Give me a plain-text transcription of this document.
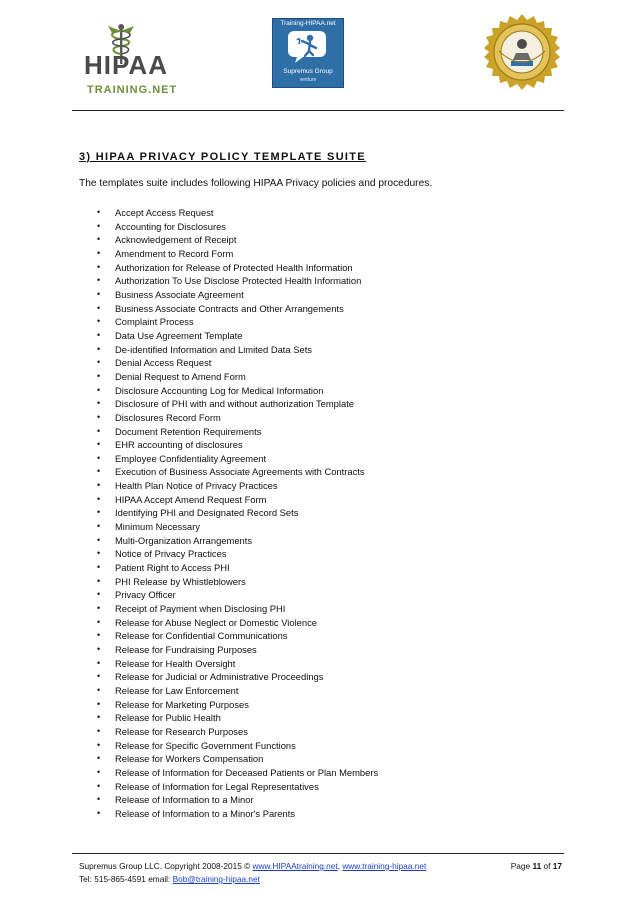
HIPAA
TRAINING.NET
Training-HIPAA.net
Supremus Group
venture
3) HIPAA PRIVACY POLICY TEMPLATE SUITE
The templates suite includes following HIPAA Privacy policies and procedures.
• Accept Access Request
• Accounting for Disclosures
• Acknowledgement of Receipt
• Amendment to Record Form
• Authorization for Release of Protected Health Information
• Authorization To Use Disclose Protected Health Information
• Business Associate Agreement
• Business Associate Contracts and Other Arrangements
• Complaint Process
• Data Use Agreement Template
• De-identified Information and Limited Data Sets
• Denial Access Request
• Denial Request to Amend Form
• Disclosure Accounting Log for Medical Information
• Disclosure of PHI with and without authorization Template
• Disclosures Record Form
• Document Retention Requirements
• EHR accounting of disclosures
• Employee Confidentiality Agreement
• Execution of Business Associate Agreements with Contracts
• Health Plan Notice of Privacy Practices
• HIPAA Accept Amend Request Form
• Identifying PHI and Designated Record Sets
• Minimum Necessary
• Multi-Organization Arrangements
• Notice of Privacy Practices
• Patient Right to Access PHI
• PHI Release by Whistleblowers
• Privacy Officer
• Receipt of Payment when Disclosing PHI
• Release for Abuse Neglect or Domestic Violence
• Release for Confidential Communications
• Release for Fundraising Purposes
• Release for Health Oversight
• Release for Judicial or Administrative Proceedings
• Release for Law Enforcement
• Release for Marketing Purposes
• Release for Public Health
• Release for Research Purposes
• Release for Specific Government Functions
• Release for Workers Compensation
• Release of Information for Deceased Patients or Plan Members
• Release of Information for Legal Representatives
• Release of Information to a Minor
• Release of Information to a Minor's Parents
Supremus Group LLC. Copyright 2008-2015 © www.HIPAAtraining.net, www.training-hipaa.net	Page 11 of 17
Tel: 515-865-4591 email: Bob@training-hipaa.net
